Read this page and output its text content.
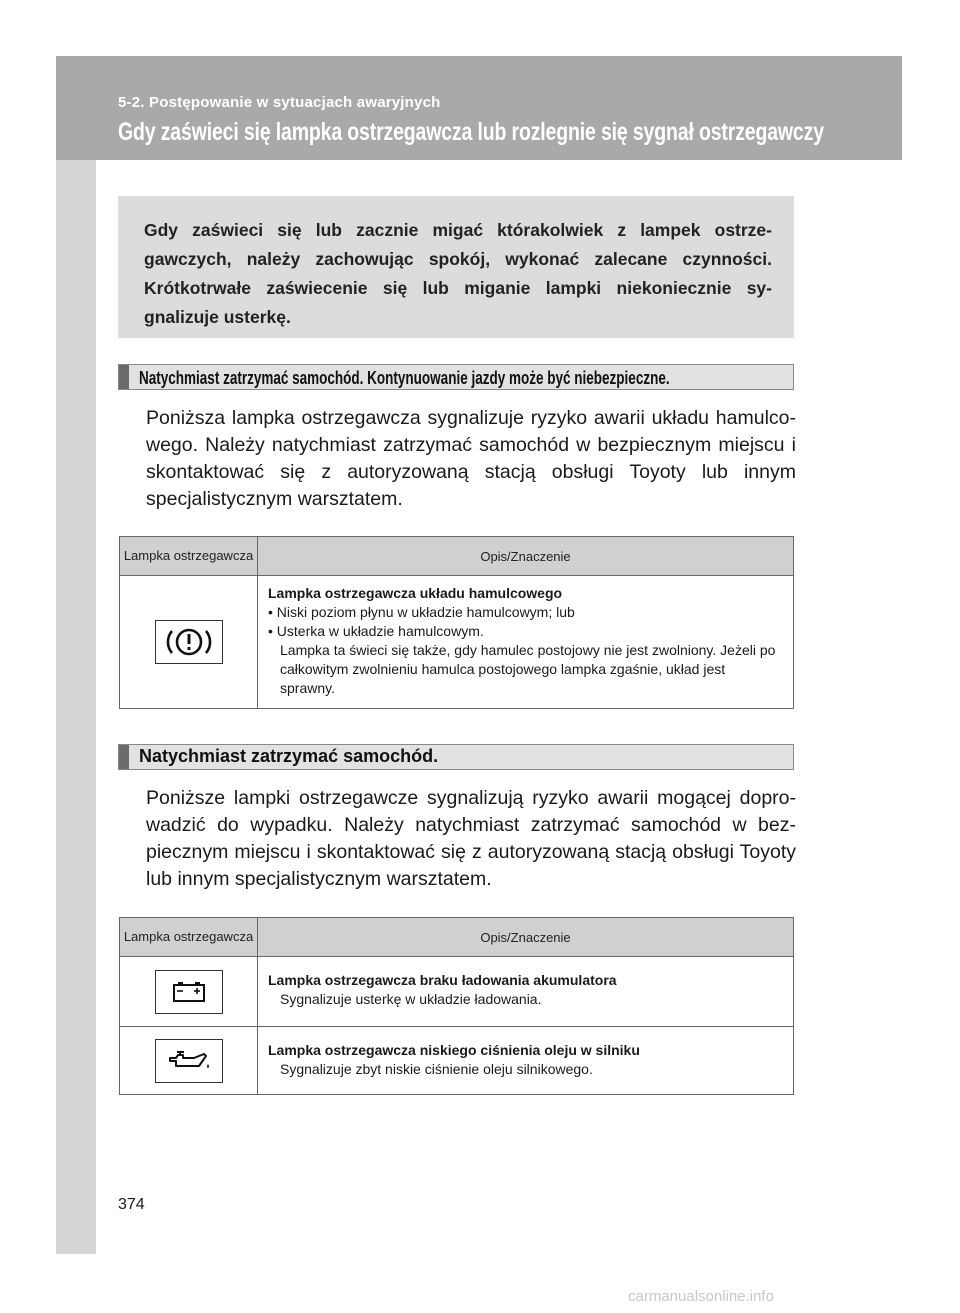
5-2. Postępowanie w sytuacjach awaryjnych
Gdy zaświeci się lampka ostrzegawcza lub rozlegnie się sygnał ostrzegawczy
Gdy zaświeci się lub zacznie migać którakolwiek z lampek ostrze-gawczych, należy zachowując spokój, wykonać zalecane czynności. Krótkotrwałe zaświecenie się lub miganie lampki niekoniecznie sy-gnalizuje usterkę.
Natychmiast zatrzymać samochód. Kontynuowanie jazdy może być niebezpieczne.
Poniższa lampka ostrzegawcza sygnalizuje ryzyko awarii układu hamulco-wego. Należy natychmiast zatrzymać samochód w bezpiecznym miejscu i skontaktować się z autoryzowaną stacją obsługi Toyoty lub innym specjalistycznym warsztatem.
Lampka ostrzegawcza	Opis/Znaczenie

Lampka ostrzegawcza układu hamulcowego
• Niski poziom płynu w układzie hamulcowym; lub
• Usterka w układzie hamulcowym.
Lampka ta świeci się także, gdy hamulec postojowy nie jest zwolniony. Jeżeli po całkowitym zwolnieniu hamulca postojowego lampka zgaśnie, układ jest sprawny.
Natychmiast zatrzymać samochód.
Poniższe lampki ostrzegawcze sygnalizują ryzyko awarii mogącej dopro-wadzić do wypadku. Należy natychmiast zatrzymać samochód w bez-piecznym miejscu i skontaktować się z autoryzowaną stacją obsługi Toyoty lub innym specjalistycznym warsztatem.
Lampka ostrzegawcza	Opis/Znaczenie

Lampka ostrzegawcza braku ładowania akumulatora
Sygnalizuje usterkę w układzie ładowania.

Lampka ostrzegawcza niskiego ciśnienia oleju w silniku
Sygnalizuje zbyt niskie ciśnienie oleju silnikowego.
374
carmanualsonline.info
